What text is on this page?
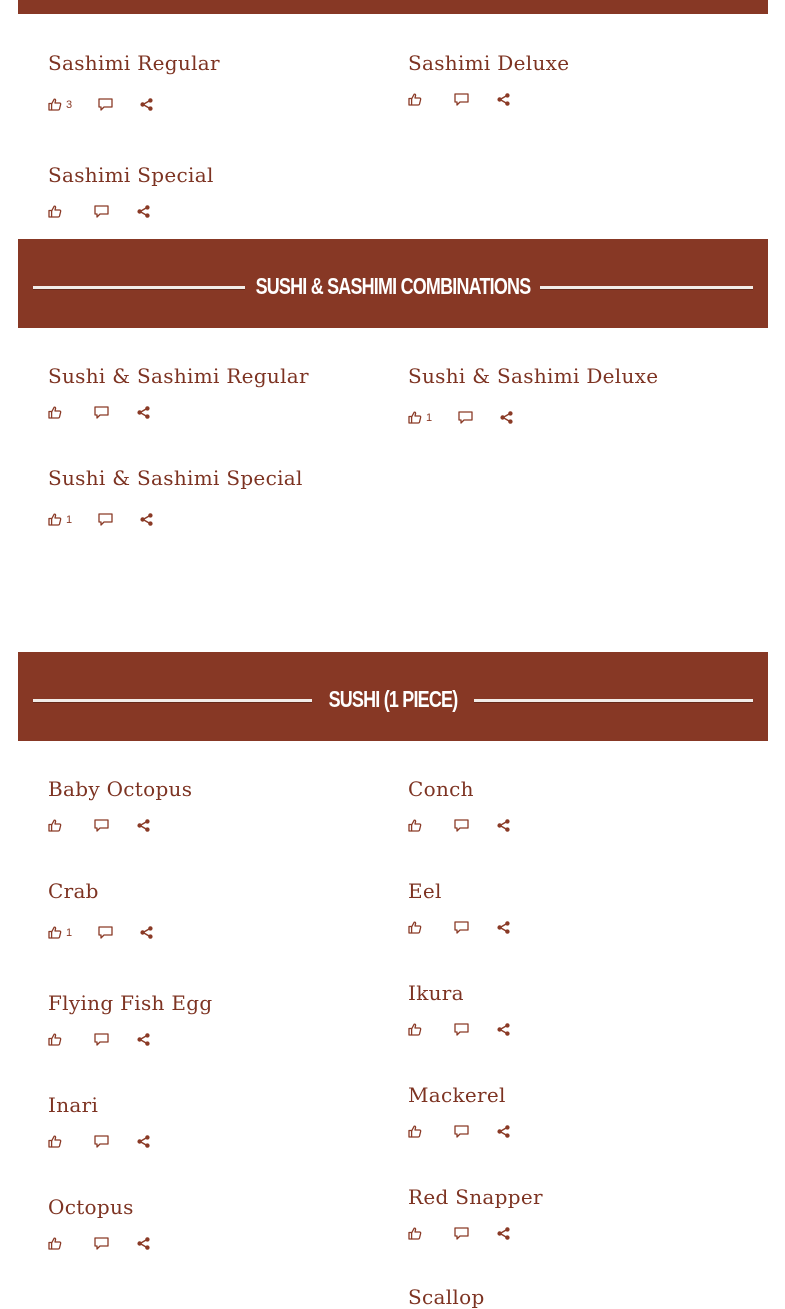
Sashimi Regular
3
Sashimi Deluxe
Sashimi Special
SUSHI & SASHIMI COMBINATIONS
Sushi & Sashimi Regular	Sushi & Sashimi Deluxe
1
Sushi & Sashimi Special
1
SUSHI (1 PIECE)
Baby Octopus
Crab
1
Flying Fish Egg
Inari
Octopus
Conch
Eel
Ikura
Mackerel
Red Snapper
Scallop
